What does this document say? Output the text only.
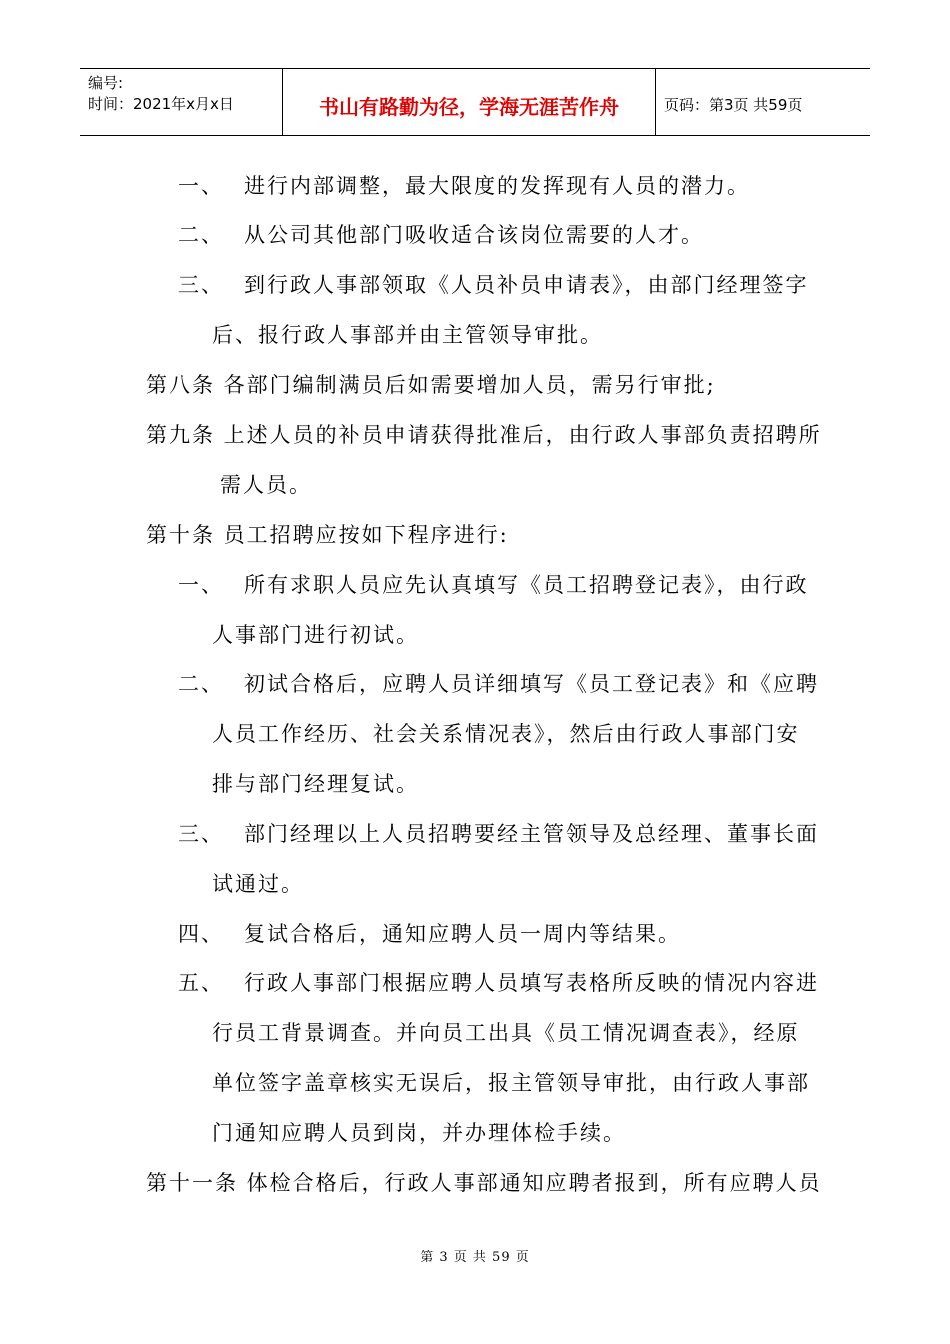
编号:
时间：2021年x月x日	书山有路勤为径，学海无涯苦作舟	页码：第3页 共59页
一、 进行内部调整，最大限度的发挥现有人员的潜力。
二、 从公司其他部门吸收适合该岗位需要的人才。
三、 到行政人事部领取《人员补员申请表》，由部门经理签字
后、报行政人事部并由主管领导审批。
第八条 各部门编制满员后如需要增加人员，需另行审批;
第九条 上述人员的补员申请获得批准后，由行政人事部负责招聘所
需人员。
第十条 员工招聘应按如下程序进行:
一、 所有求职人员应先认真填写《员工招聘登记表》，由行政
人事部门进行初试。
二、 初试合格后，应聘人员详细填写《员工登记表》和《应聘
人员工作经历、社会关系情况表》，然后由行政人事部门安
排与部门经理复试。
三、 部门经理以上人员招聘要经主管领导及总经理、董事长面
试通过。
四、 复试合格后，通知应聘人员一周内等结果。
五、 行政人事部门根据应聘人员填写表格所反映的情况内容进
行员工背景调查。并向员工出具《员工情况调查表》，经原
单位签字盖章核实无误后，报主管领导审批，由行政人事部
门通知应聘人员到岗，并办理体检手续。
第十一条 体检合格后，行政人事部通知应聘者报到，所有应聘人员
第 3 页 共 59 页
